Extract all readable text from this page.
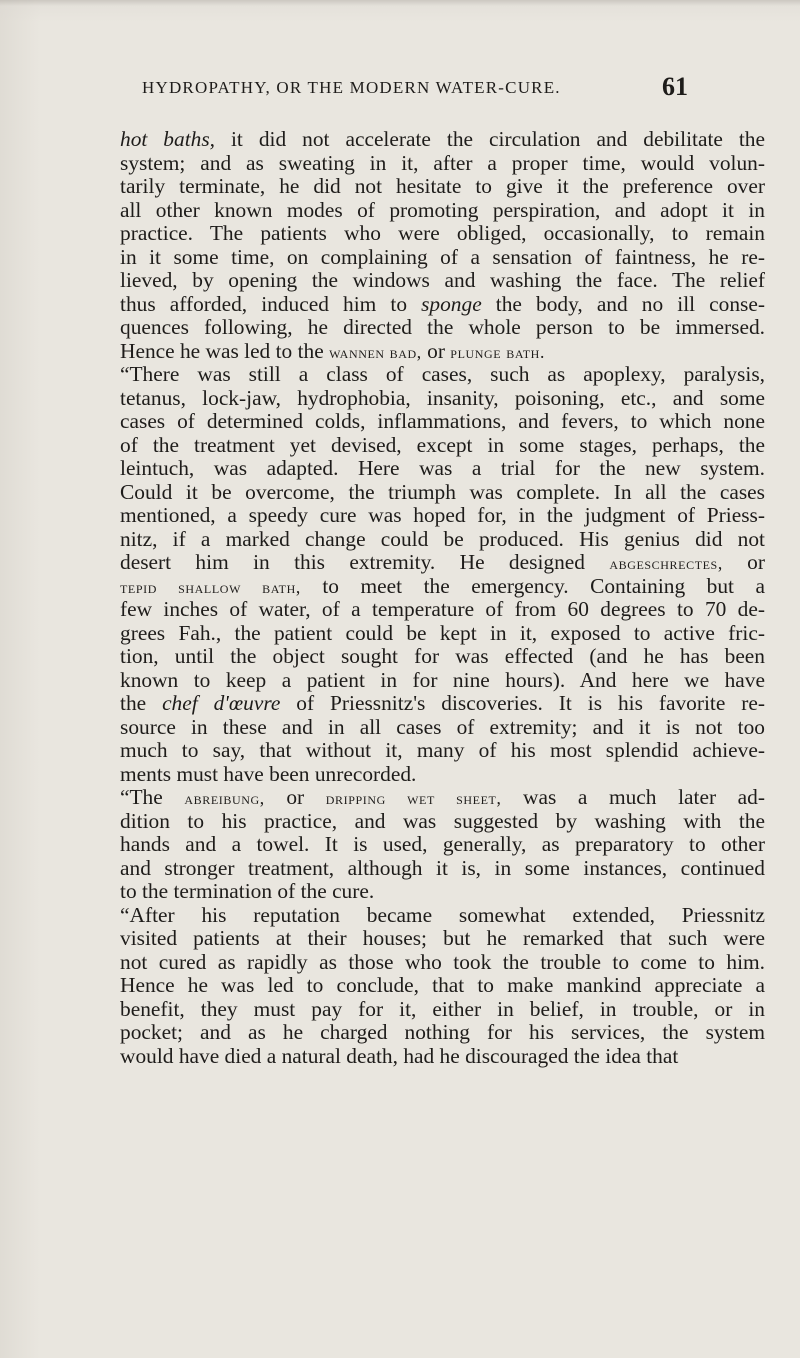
HYDROPATHY, OR THE MODERN WATER-CURE.	61
hot baths, it did not accelerate the circulation and debilitate the
system; and as sweating in it, after a proper time, would volun-
tarily terminate, he did not hesitate to give it the preference over
all other known modes of promoting perspiration, and adopt it in
practice. The patients who were obliged, occasionally, to remain
in it some time, on complaining of a sensation of faintness, he re-
lieved, by opening the windows and washing the face. The relief
thus afforded, induced him to sponge the body, and no ill conse-
quences following, he directed the whole person to be immersed.
Hence he was led to the wannen bad, or plunge bath.
“There was still a class of cases, such as apoplexy, paralysis,
tetanus, lock-jaw, hydrophobia, insanity, poisoning, etc., and some
cases of determined colds, inflammations, and fevers, to which none
of the treatment yet devised, except in some stages, perhaps, the
leintuch, was adapted. Here was a trial for the new system.
Could it be overcome, the triumph was complete. In all the cases
mentioned, a speedy cure was hoped for, in the judgment of Priess-
nitz, if a marked change could be produced. His genius did not
desert him in this extremity. He designed abgeschrectes, or
tepid shallow bath, to meet the emergency. Containing but a
few inches of water, of a temperature of from 60 degrees to 70 de-
grees Fah., the patient could be kept in it, exposed to active fric-
tion, until the object sought for was effected (and he has been
known to keep a patient in for nine hours). And here we have
the chef d'œuvre of Priessnitz's discoveries. It is his favorite re-
source in these and in all cases of extremity; and it is not too
much to say, that without it, many of his most splendid achieve-
ments must have been unrecorded.
“The abreibung, or dripping wet sheet, was a much later ad-
dition to his practice, and was suggested by washing with the
hands and a towel. It is used, generally, as preparatory to other
and stronger treatment, although it is, in some instances, continued
to the termination of the cure.
“After his reputation became somewhat extended, Priessnitz
visited patients at their houses; but he remarked that such were
not cured as rapidly as those who took the trouble to come to him.
Hence he was led to conclude, that to make mankind appreciate a
benefit, they must pay for it, either in belief, in trouble, or in
pocket; and as he charged nothing for his services, the system
would have died a natural death, had he discouraged the idea that
